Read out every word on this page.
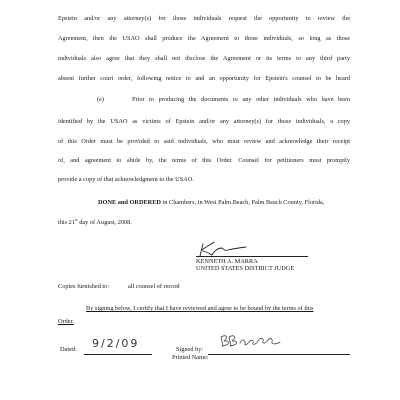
Epstein and/or any attorney(s) for those individuals request the opportunity to review the
Agreement, then the USAO shall produce the Agreement to those individuals, so long as those
individuals also agree that they shall not disclose the Agreement or its terms to any third party
absent further court order, following notice to and an opportunity for Epstein's counsel to be heard
(e)	Prior to producing the documents to any other individuals who have been
identified by the USAO as victims of Epstein and/or any attorney(s) for those individuals, a copy
of this Order must be provided to said individuals, who must review and acknowledge their receipt
of, and agreement to abide by, the terms of this Order. Counsel for petitioners must promptly
provide a copy of that acknowledgment to the USAO.
DONE and ORDERED in Chambers, in West Palm Beach, Palm Beach County, Florida,
this 21st day of August, 2008.
KENNETH A. MARRA
UNITED STATES DISTRICT JUDGE
Copies furnished to:	all counsel of record
By signing below, I certify that I have reviewed and agree to be bound by the terms of this
Order.
Dated: 9/2/09	Signed by:
Printed Name:
